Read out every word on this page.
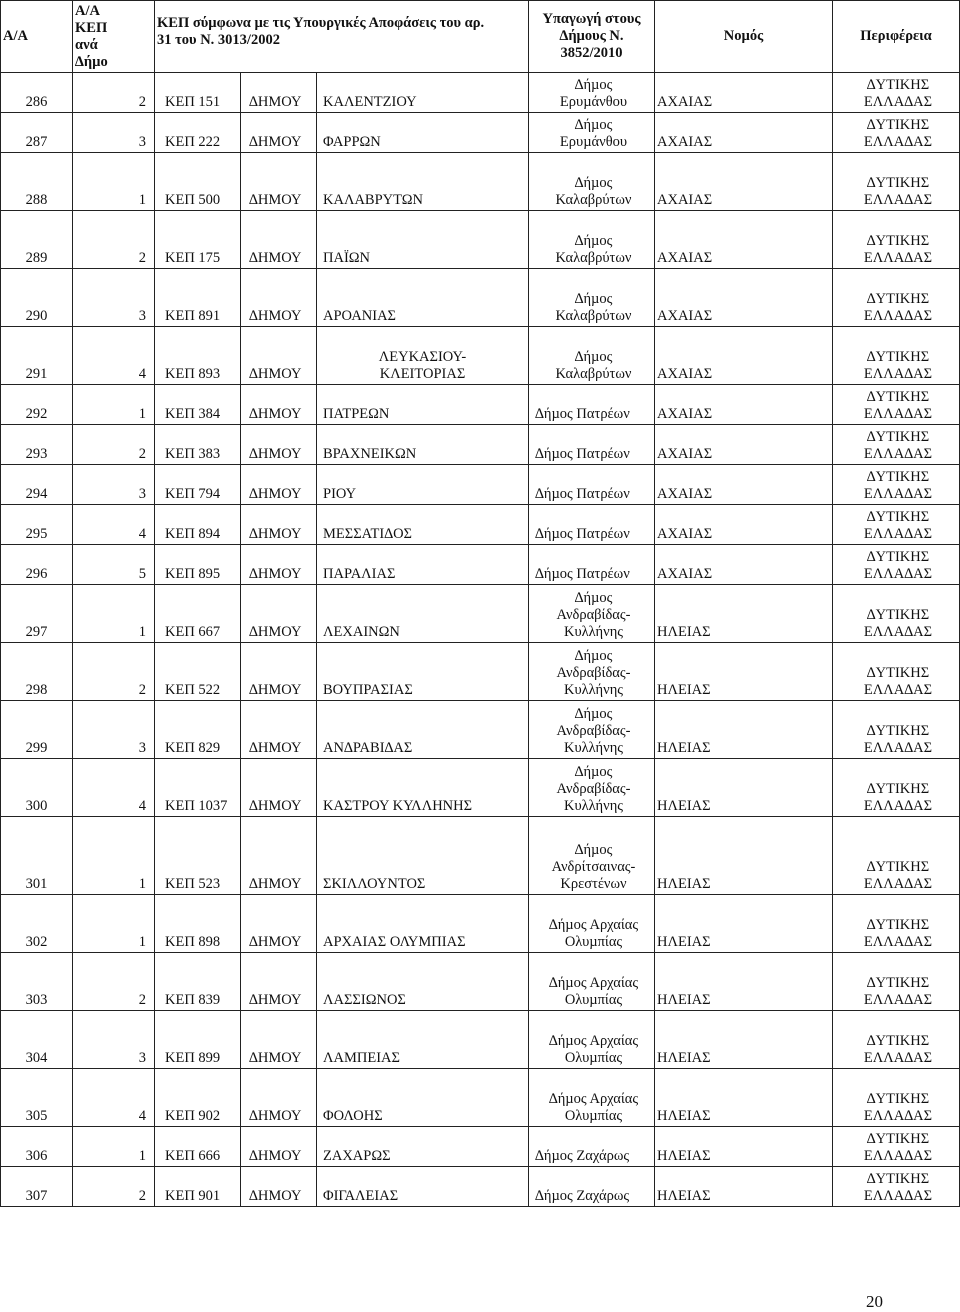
Α/Α	Α/Α
ΚΕΠ
ανά
∆ήµο	ΚΕΠ σύµφωνα µε τις Υπουργικές Αποφάσεις του αρ.
31 του Ν. 3013/2002			Υπαγωγή στους
∆ήµους Ν.
3852/2010	Νοµός	Περιφέρεια

286	2	ΚΕΠ 151	∆ΗΜΟΥ	ΚΑΛΕΝΤΖΙΟΥ	∆ήµος
Ερυµάνθου	ΑΧΑΙΑΣ	∆ΥΤΙΚΗΣ
ΕΛΛΑ∆ΑΣ

287	3	ΚΕΠ 222	∆ΗΜΟΥ	ΦΑΡΡΩΝ	∆ήµος
Ερυµάνθου	ΑΧΑΙΑΣ	∆ΥΤΙΚΗΣ
ΕΛΛΑ∆ΑΣ

288	1	ΚΕΠ 500	∆ΗΜΟΥ	ΚΑΛΑΒΡΥΤΩΝ	∆ήµος
Καλαβρύτων	ΑΧΑΙΑΣ	∆ΥΤΙΚΗΣ
ΕΛΛΑ∆ΑΣ

289	2	ΚΕΠ 175	∆ΗΜΟΥ	ΠΑΪΩΝ	∆ήµος
Καλαβρύτων	ΑΧΑΙΑΣ	∆ΥΤΙΚΗΣ
ΕΛΛΑ∆ΑΣ

290	3	ΚΕΠ 891	∆ΗΜΟΥ	ΑΡΟΑΝΙΑΣ	∆ήµος
Καλαβρύτων	ΑΧΑΙΑΣ	∆ΥΤΙΚΗΣ
ΕΛΛΑ∆ΑΣ

291	4	ΚΕΠ 893	∆ΗΜΟΥ	ΛΕΥΚΑΣΙΟΥ-
ΚΛΕΙΤΟΡΙΑΣ	∆ήµος
Καλαβρύτων	ΑΧΑΙΑΣ	∆ΥΤΙΚΗΣ
ΕΛΛΑ∆ΑΣ

292	1	ΚΕΠ 384	∆ΗΜΟΥ	ΠΑΤΡΕΩΝ	∆ήµος Πατρέων	ΑΧΑΙΑΣ	∆ΥΤΙΚΗΣ
ΕΛΛΑ∆ΑΣ

293	2	ΚΕΠ 383	∆ΗΜΟΥ	ΒΡΑΧΝΕΙΚΩΝ	∆ήµος Πατρέων	ΑΧΑΙΑΣ	∆ΥΤΙΚΗΣ
ΕΛΛΑ∆ΑΣ

294	3	ΚΕΠ 794	∆ΗΜΟΥ	ΡΙΟΥ	∆ήµος Πατρέων	ΑΧΑΙΑΣ	∆ΥΤΙΚΗΣ
ΕΛΛΑ∆ΑΣ

295	4	ΚΕΠ 894	∆ΗΜΟΥ	ΜΕΣΣΑΤΙ∆ΟΣ	∆ήµος Πατρέων	ΑΧΑΙΑΣ	∆ΥΤΙΚΗΣ
ΕΛΛΑ∆ΑΣ

296	5	ΚΕΠ 895	∆ΗΜΟΥ	ΠΑΡΑΛΙΑΣ	∆ήµος Πατρέων	ΑΧΑΙΑΣ	∆ΥΤΙΚΗΣ
ΕΛΛΑ∆ΑΣ

297	1	ΚΕΠ 667	∆ΗΜΟΥ	ΛΕΧΑΙΝΩΝ	∆ήµος
Ανδραβίδας-
Κυλλήνης	ΗΛΕΙΑΣ	∆ΥΤΙΚΗΣ
ΕΛΛΑ∆ΑΣ

298	2	ΚΕΠ 522	∆ΗΜΟΥ	ΒΟΥΠΡΑΣΙΑΣ	∆ήµος
Ανδραβίδας-
Κυλλήνης	ΗΛΕΙΑΣ	∆ΥΤΙΚΗΣ
ΕΛΛΑ∆ΑΣ

299	3	ΚΕΠ 829	∆ΗΜΟΥ	ΑΝ∆ΡΑΒΙ∆ΑΣ	∆ήµος
Ανδραβίδας-
Κυλλήνης	ΗΛΕΙΑΣ	∆ΥΤΙΚΗΣ
ΕΛΛΑ∆ΑΣ

300	4	ΚΕΠ 1037	∆ΗΜΟΥ	ΚΑΣΤΡΟΥ ΚΥΛΛΗΝΗΣ	∆ήµος
Ανδραβίδας-
Κυλλήνης	ΗΛΕΙΑΣ	∆ΥΤΙΚΗΣ
ΕΛΛΑ∆ΑΣ

301	1	ΚΕΠ 523	∆ΗΜΟΥ	ΣΚΙΛΛΟΥΝΤΟΣ	∆ήµος
Ανδρίτσαινας-
Κρεστένων	ΗΛΕΙΑΣ	∆ΥΤΙΚΗΣ
ΕΛΛΑ∆ΑΣ

302	1	ΚΕΠ 898	∆ΗΜΟΥ	ΑΡΧΑΙΑΣ ΟΛΥΜΠΙΑΣ	∆ήµος Αρχαίας
Ολυµπίας	ΗΛΕΙΑΣ	∆ΥΤΙΚΗΣ
ΕΛΛΑ∆ΑΣ

303	2	ΚΕΠ 839	∆ΗΜΟΥ	ΛΑΣΣΙΩΝΟΣ	∆ήµος Αρχαίας
Ολυµπίας	ΗΛΕΙΑΣ	∆ΥΤΙΚΗΣ
ΕΛΛΑ∆ΑΣ

304	3	ΚΕΠ 899	∆ΗΜΟΥ	ΛΑΜΠΕΙΑΣ	∆ήµος Αρχαίας
Ολυµπίας	ΗΛΕΙΑΣ	∆ΥΤΙΚΗΣ
ΕΛΛΑ∆ΑΣ

305	4	ΚΕΠ 902	∆ΗΜΟΥ	ΦΟΛΟΗΣ	∆ήµος Αρχαίας
Ολυµπίας	ΗΛΕΙΑΣ	∆ΥΤΙΚΗΣ
ΕΛΛΑ∆ΑΣ

306	1	ΚΕΠ 666	∆ΗΜΟΥ	ΖΑΧΑΡΩΣ	∆ήµος Ζαχάρως	ΗΛΕΙΑΣ	∆ΥΤΙΚΗΣ
ΕΛΛΑ∆ΑΣ

307	2	ΚΕΠ 901	∆ΗΜΟΥ	ΦΙΓΑΛΕΙΑΣ	∆ήµος Ζαχάρως	ΗΛΕΙΑΣ	∆ΥΤΙΚΗΣ
ΕΛΛΑ∆ΑΣ
20
